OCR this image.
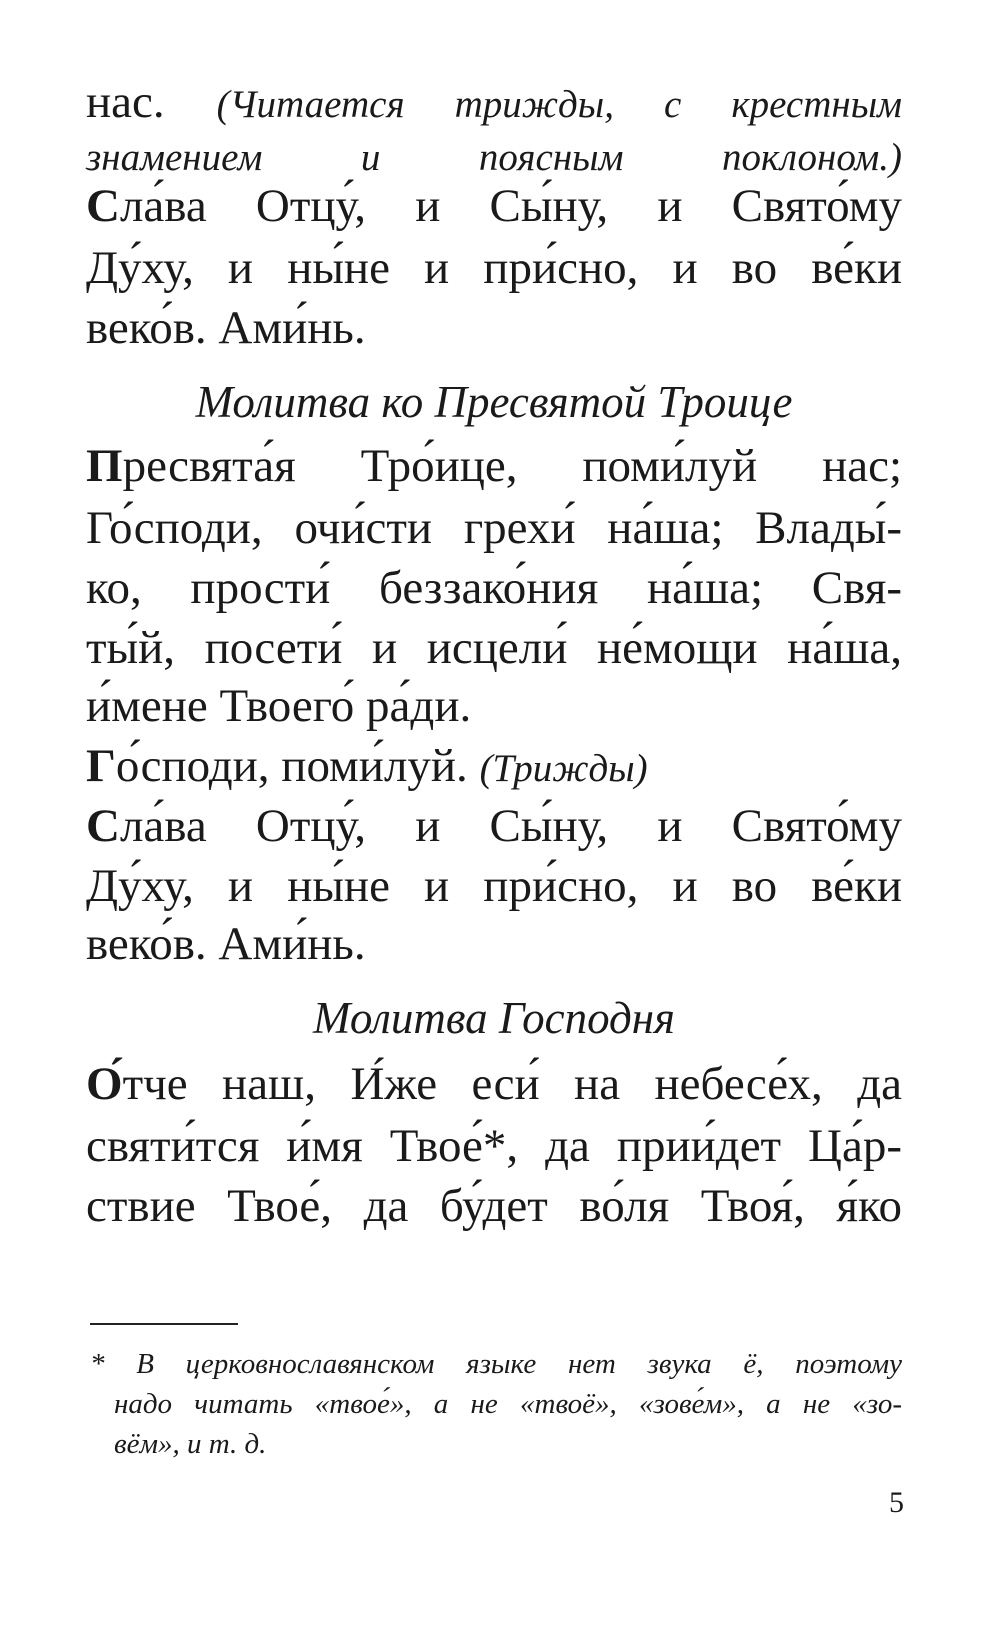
нас. (Читается трижды, с крестным
знамением и поясным поклоном.)
Сла́ва Отцу́, и Сы́ну, и Свято́му
Ду́ху, и ны́не и при́сно, и во ве́ки
веко́в. Ами́нь.
Молитва ко Пресвятой Троице
Пресвята́я Тро́ице, поми́луй нас;
Го́споди, очи́сти грехи́ на́ша; Влады́-
ко, прости́ беззако́ния на́ша; Свя-
ты́й, посети́ и исцели́ не́мощи на́ша,
и́мене Твоего́ ра́ди.
Го́споди, поми́луй. (Трижды)
Сла́ва Отцу́, и Сы́ну, и Свято́му
Ду́ху, и ны́не и при́сно, и во ве́ки
веко́в. Ами́нь.
Молитва Господня
О́тче наш, И́же еси́ на небесе́х, да
святи́тся и́мя Твое́*, да прии́дет Ца́р-
ствие Твое́, да бу́дет во́ля Твоя́, я́ко
* В церковнославянском языке нет звука ё, поэтому
надо читать «твое́», а не «твоё», «зове́м», а не «зо-
вём», и т. д.
5
